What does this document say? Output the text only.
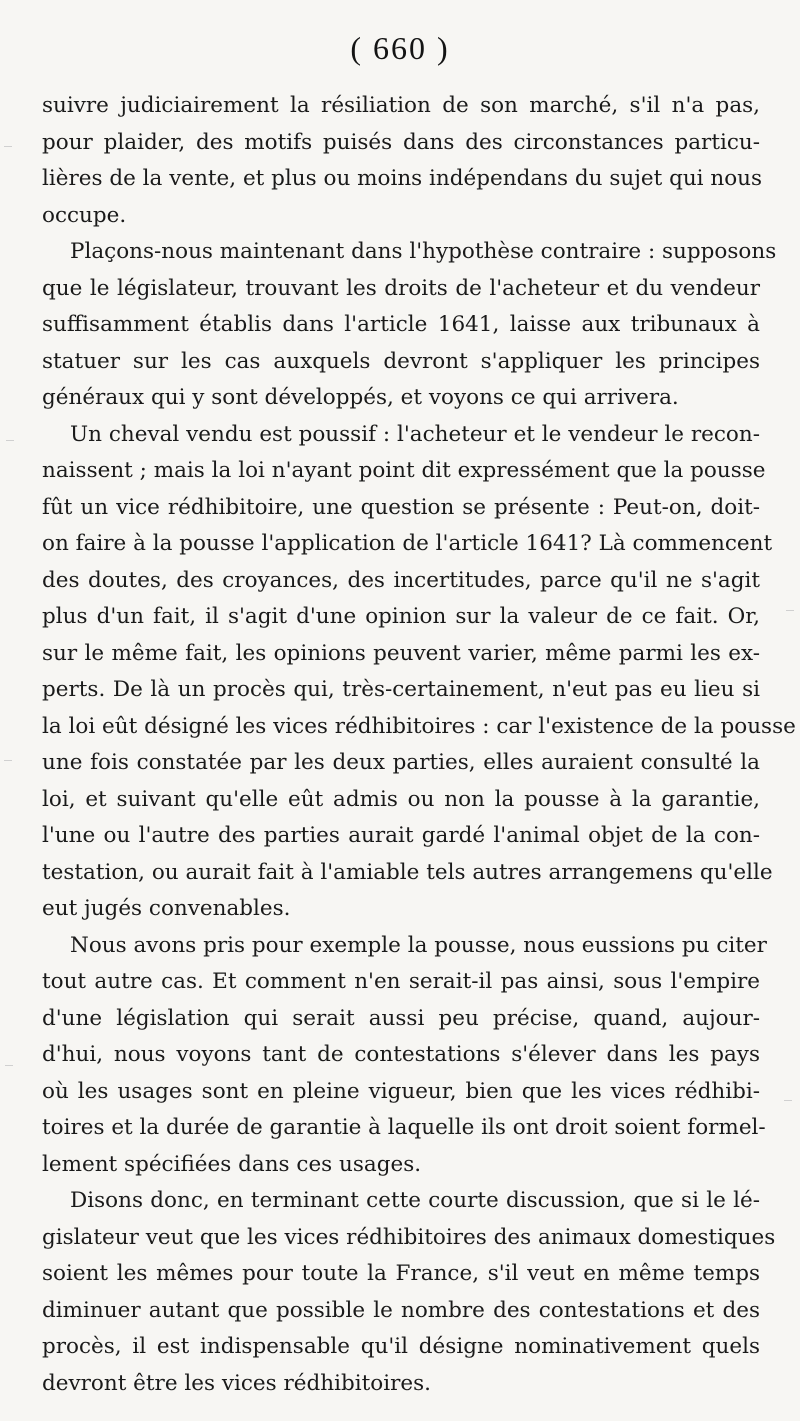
( 660 )
suivre judiciairement la résiliation de son marché, s'il n'a pas,
pour plaider, des motifs puisés dans des circonstances particu-
lières de la vente, et plus ou moins indépendans du sujet qui nous
occupe.
Plaçons-nous maintenant dans l'hypothèse contraire : supposons
que le législateur, trouvant les droits de l'acheteur et du vendeur
suffisamment établis dans l'article 1641, laisse aux tribunaux à
statuer sur les cas auxquels devront s'appliquer les principes
généraux qui y sont développés, et voyons ce qui arrivera.
Un cheval vendu est poussif : l'acheteur et le vendeur le recon-
naissent ; mais la loi n'ayant point dit expressément que la pousse
fût un vice rédhibitoire, une question se présente : Peut-on, doit-
on faire à la pousse l'application de l'article 1641? Là commencent
des doutes, des croyances, des incertitudes, parce qu'il ne s'agit
plus d'un fait, il s'agit d'une opinion sur la valeur de ce fait. Or,
sur le même fait, les opinions peuvent varier, même parmi les ex-
perts. De là un procès qui, très-certainement, n'eut pas eu lieu si
la loi eût désigné les vices rédhibitoires : car l'existence de la pousse
une fois constatée par les deux parties, elles auraient consulté la
loi, et suivant qu'elle eût admis ou non la pousse à la garantie,
l'une ou l'autre des parties aurait gardé l'animal objet de la con-
testation, ou aurait fait à l'amiable tels autres arrangemens qu'elle
eut jugés convenables.
Nous avons pris pour exemple la pousse, nous eussions pu citer
tout autre cas. Et comment n'en serait-il pas ainsi, sous l'empire
d'une législation qui serait aussi peu précise, quand, aujour-
d'hui, nous voyons tant de contestations s'élever dans les pays
où les usages sont en pleine vigueur, bien que les vices rédhibi-
toires et la durée de garantie à laquelle ils ont droit soient formel-
lement spécifiées dans ces usages.
Disons donc, en terminant cette courte discussion, que si le lé-
gislateur veut que les vices rédhibitoires des animaux domestiques
soient les mêmes pour toute la France, s'il veut en même temps
diminuer autant que possible le nombre des contestations et des
procès, il est indispensable qu'il désigne nominativement quels
devront être les vices rédhibitoires.
